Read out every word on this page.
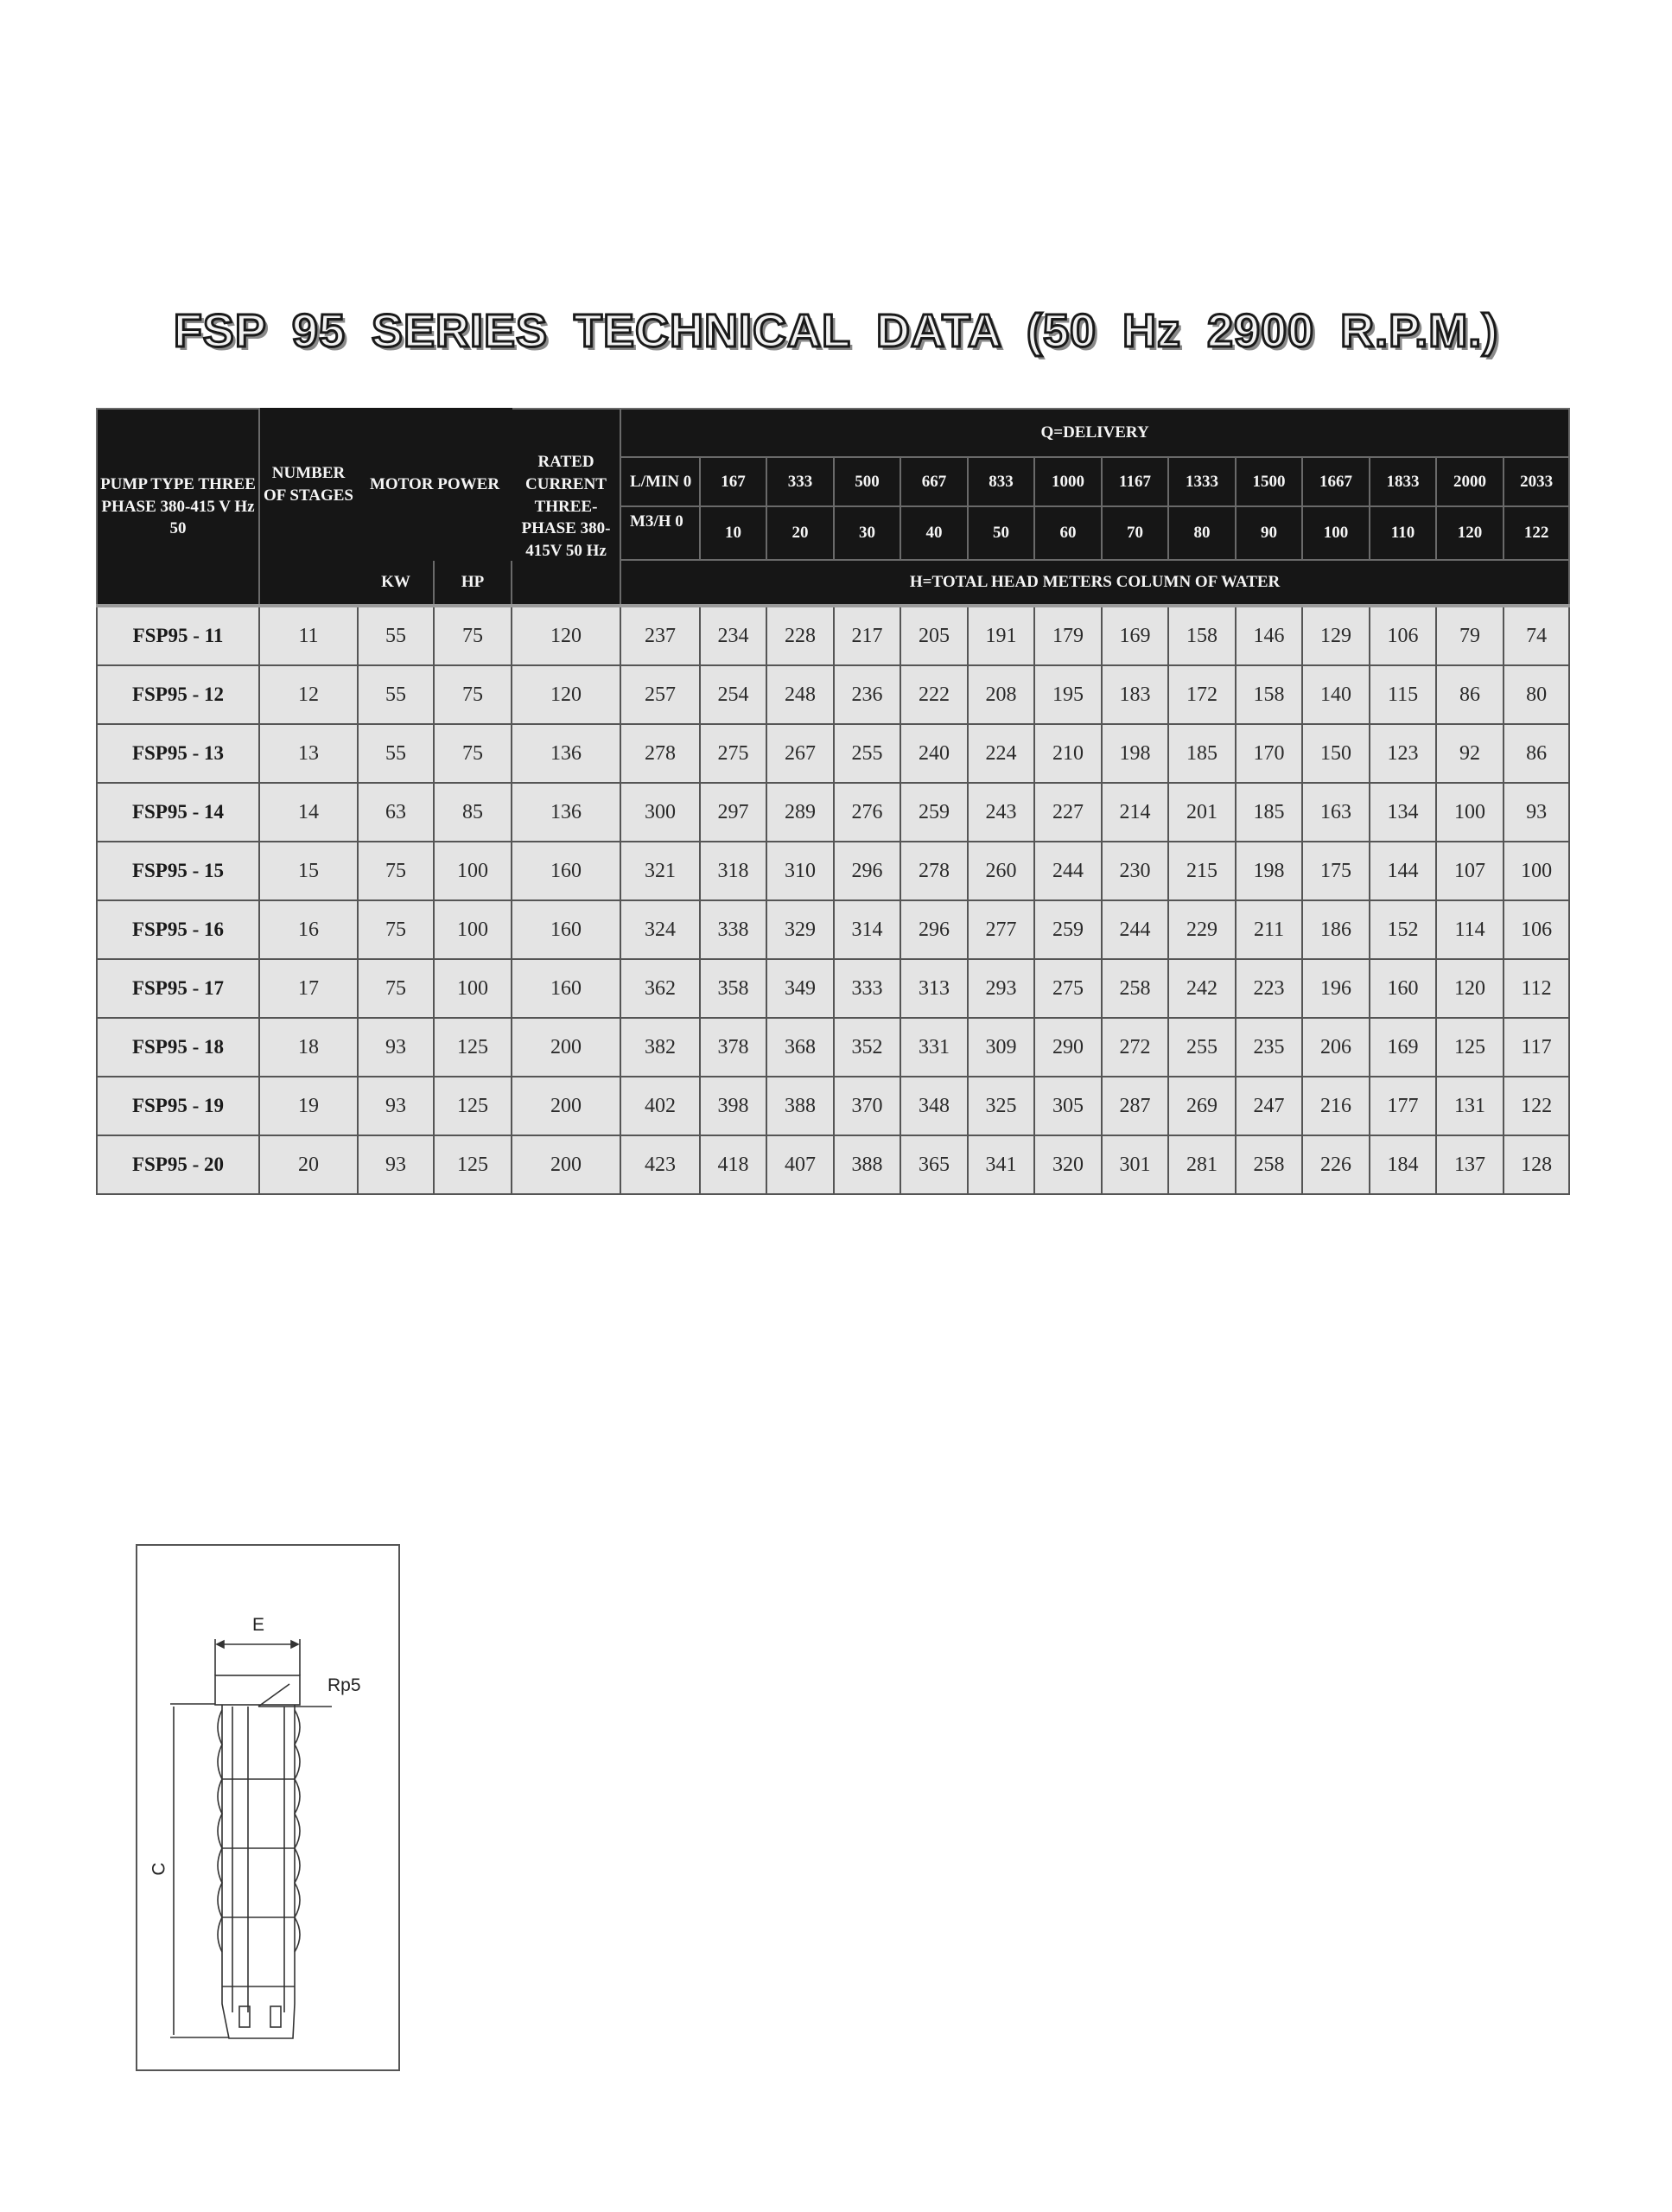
FSP 95 SERIES TECHNICAL DATA (50 Hz 2900 R.P.M.)
PUMP TYPE THREE PHASE 380-415 V Hz 50	NUMBER OF STAGES	MOTOR POWER		RATED CURRENT THREE-PHASE 380-415V 50 Hz	Q=DELIVERY													
					L/MIN 0	167	333	500	667	833	1000	1167	1333	1500	1667	1833	2000	2033
					M3/H 0	10	20	30	40	50	60	70	80	90	100	110	120	122
		KW	HP		H=TOTAL HEAD METERS COLUMN OF WATER													
FSP95 - 11	11	55	75	120	237	234	228	217	205	191	179	169	158	146	129	106	79	74
FSP95 - 12	12	55	75	120	257	254	248	236	222	208	195	183	172	158	140	115	86	80
FSP95 - 13	13	55	75	136	278	275	267	255	240	224	210	198	185	170	150	123	92	86
FSP95 - 14	14	63	85	136	300	297	289	276	259	243	227	214	201	185	163	134	100	93
FSP95 - 15	15	75	100	160	321	318	310	296	278	260	244	230	215	198	175	144	107	100
FSP95 - 16	16	75	100	160	324	338	329	314	296	277	259	244	229	211	186	152	114	106
FSP95 - 17	17	75	100	160	362	358	349	333	313	293	275	258	242	223	196	160	120	112
FSP95 - 18	18	93	125	200	382	378	368	352	331	309	290	272	255	235	206	169	125	117
FSP95 - 19	19	93	125	200	402	398	388	370	348	325	305	287	269	247	216	177	131	122
FSP95 - 20	20	93	125	200	423	418	407	388	365	341	320	301	281	258	226	184	137	128
E
Rp5
C
